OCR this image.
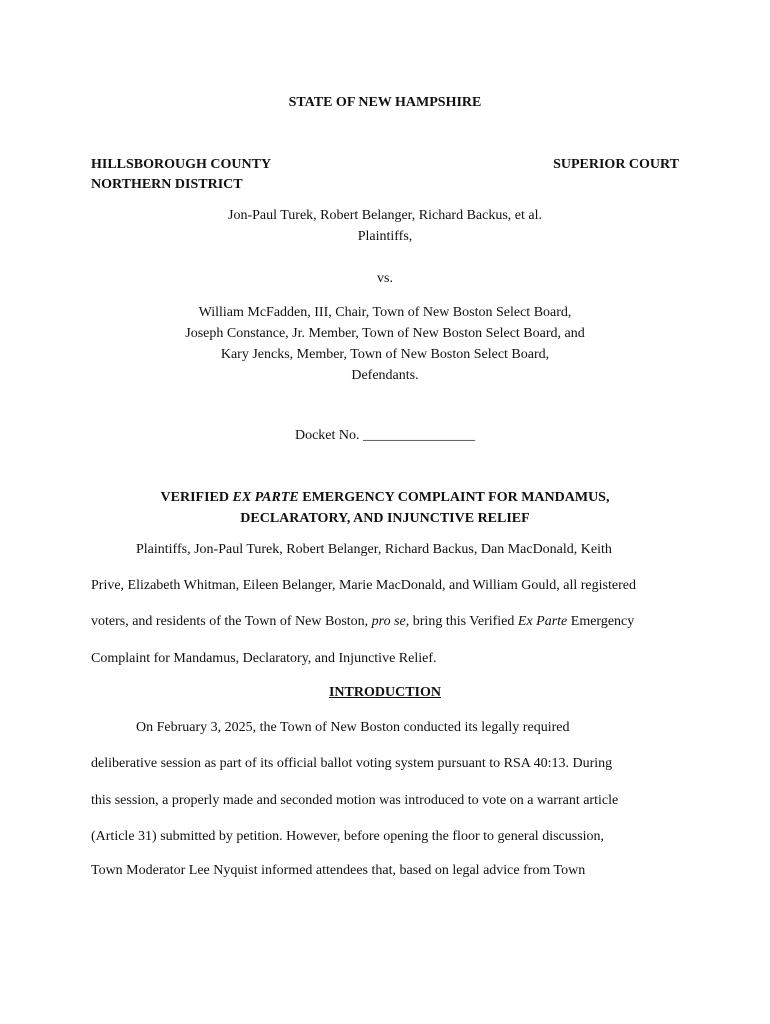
STATE OF NEW HAMPSHIRE
HILLSBOROUGH COUNTY	SUPERIOR COURT
NORTHERN DISTRICT
Jon-Paul Turek, Robert Belanger, Richard Backus, et al.
Plaintiffs,
vs.
William McFadden, III, Chair, Town of New Boston Select Board,
Joseph Constance, Jr. Member, Town of New Boston Select Board, and
Kary Jencks, Member, Town of New Boston Select Board,
Defendants.
Docket No. ________________
VERIFIED EX PARTE EMERGENCY COMPLAINT FOR MANDAMUS,
DECLARATORY, AND INJUNCTIVE RELIEF
Plaintiffs, Jon-Paul Turek, Robert Belanger, Richard Backus, Dan MacDonald, Keith
Prive, Elizabeth Whitman, Eileen Belanger, Marie MacDonald, and William Gould, all registered
voters, and residents of the Town of New Boston, pro se, bring this Verified Ex Parte Emergency
Complaint for Mandamus, Declaratory, and Injunctive Relief.
INTRODUCTION
On February 3, 2025, the Town of New Boston conducted its legally required
deliberative session as part of its official ballot voting system pursuant to RSA 40:13. During
this session, a properly made and seconded motion was introduced to vote on a warrant article
(Article 31) submitted by petition. However, before opening the floor to general discussion,
Town Moderator Lee Nyquist informed attendees that, based on legal advice from Town
